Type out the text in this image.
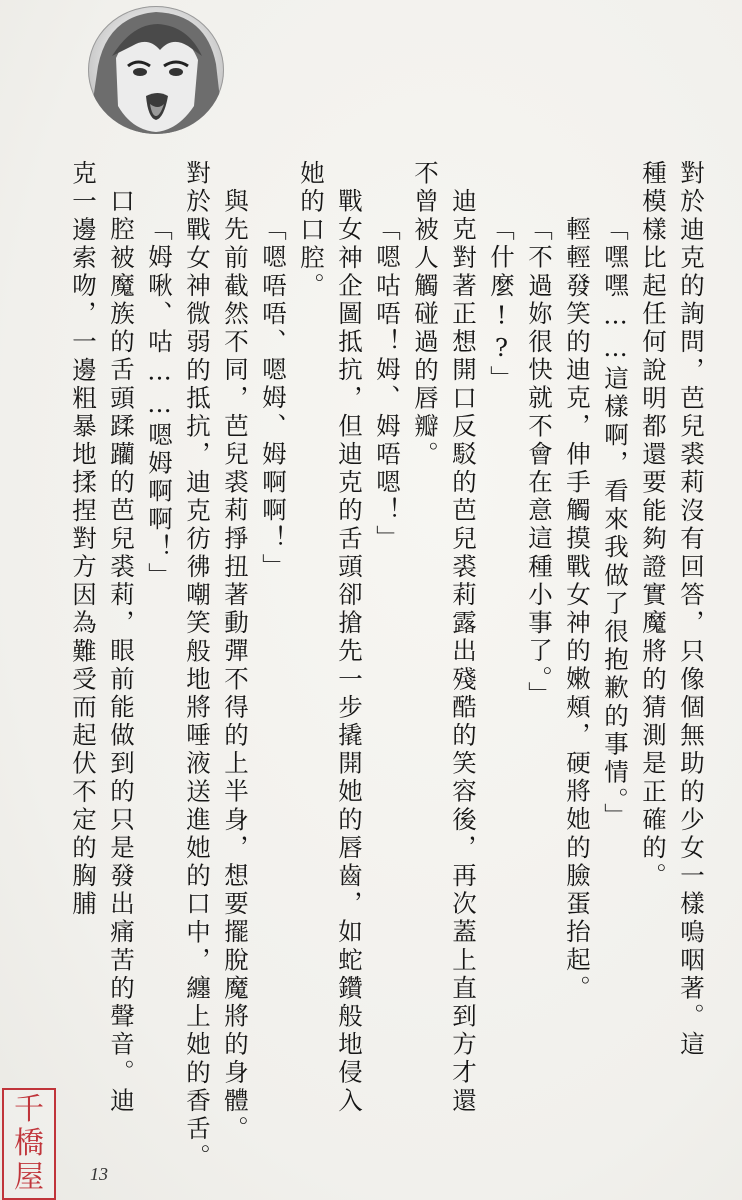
對於迪克的詢問，芭兒裘莉沒有回答，只像個無助的少女一樣嗚咽著。這
種模樣比起任何說明都還要能夠證實魔將的猜測是正確的。
「嘿嘿……這樣啊，看來我做了很抱歉的事情。」
輕輕發笑的迪克，伸手觸摸戰女神的嫩頰，硬將她的臉蛋抬起。
「不過妳很快就不會在意這種小事了。」
「什麼!?」
迪克對著正想開口反駁的芭兒裘莉露出殘酷的笑容後，再次蓋上直到方才還
不曾被人觸碰過的唇瓣。
「嗯咕唔！姆、姆唔嗯！」
戰女神企圖抵抗，但迪克的舌頭卻搶先一步撬開她的唇齒，如蛇鑽般地侵入
她的口腔。
「嗯唔唔、嗯姆、姆啊啊！」
與先前截然不同，芭兒裘莉掙扭著動彈不得的上半身，想要擺脫魔將的身體。
對於戰女神微弱的抵抗，迪克彷彿嘲笑般地將唾液送進她的口中，纏上她的香舌。
「姆啾、咕……嗯姆啊啊！」
口腔被魔族的舌頭蹂躪的芭兒裘莉，眼前能做到的只是發出痛苦的聲音。迪
克一邊索吻，一邊粗暴地揉捏對方因為難受而起伏不定的胸脯
13
千
橋
屋
